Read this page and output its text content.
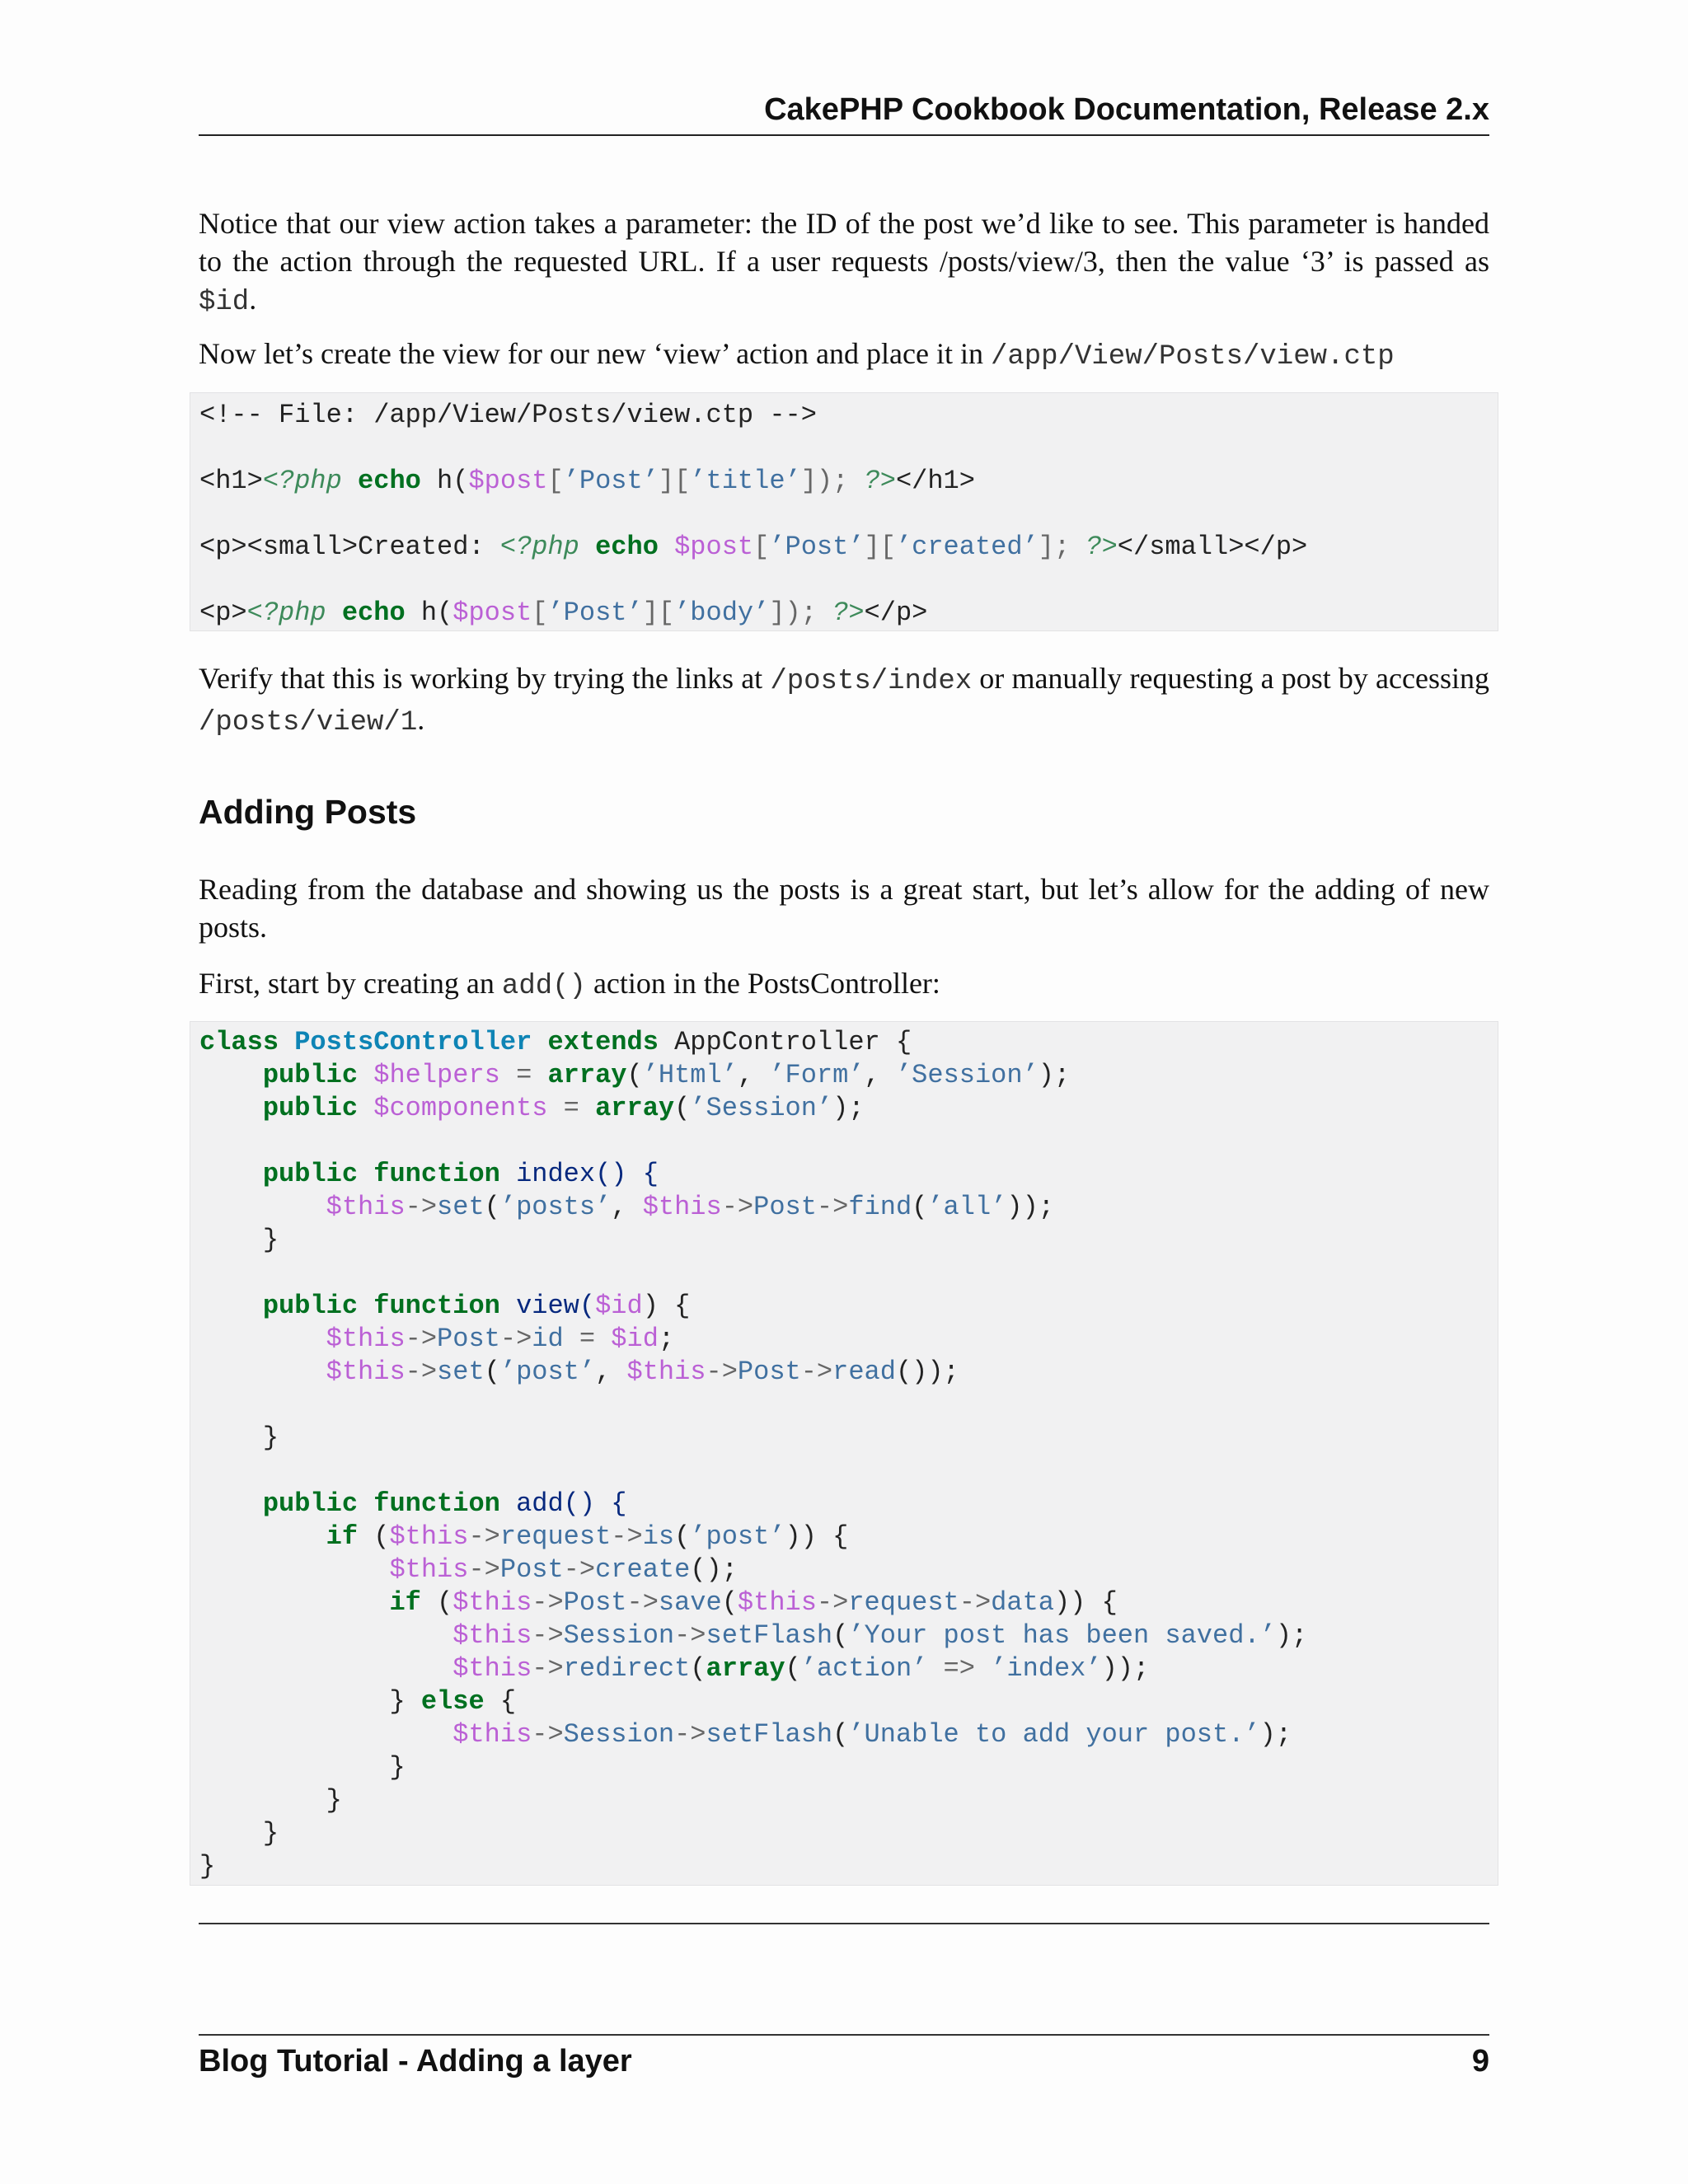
CakePHP Cookbook Documentation, Release 2.x

Notice that our view action takes a parameter: the ID of the post we’d like to see. This parameter is handed to the action through the requested URL. If a user requests /posts/view/3, then the value ‘3’ is passed as $id.

Now let’s create the view for our new ‘view’ action and place it in /app/View/Posts/view.ctp

<!-- File: /app/View/Posts/view.ctp -->

<h1><?php echo h($post[’Post’][’title’]); ?></h1>

<p><small>Created: <?php echo $post[’Post’][’created’]; ?></small></p>

<p><?php echo h($post[’Post’][’body’]); ?></p>

Verify that this is working by trying the links at /posts/index or manually requesting a post by accessing /posts/view/1.

Adding Posts

Reading from the database and showing us the posts is a great start, but let’s allow for the adding of new posts.

First, start by creating an add() action in the PostsController:

class PostsController extends AppController {
public $helpers = array(’Html’, ’Form’, ’Session’);
public $components = array(’Session’);

public function index() {
$this->set(’posts’, $this->Post->find(’all’));
}

public function view($id) {
$this->Post->id = $id;
$this->set(’post’, $this->Post->read());

}

public function add() {
if ($this->request->is(’post’)) {
$this->Post->create();
if ($this->Post->save($this->request->data)) {
$this->Session->setFlash(’Your post has been saved.’);
$this->redirect(array(’action’ => ’index’));
} else {
$this->Session->setFlash(’Unable to add your post.’);
}
}
}
}
Blog Tutorial - Adding a layer	9
